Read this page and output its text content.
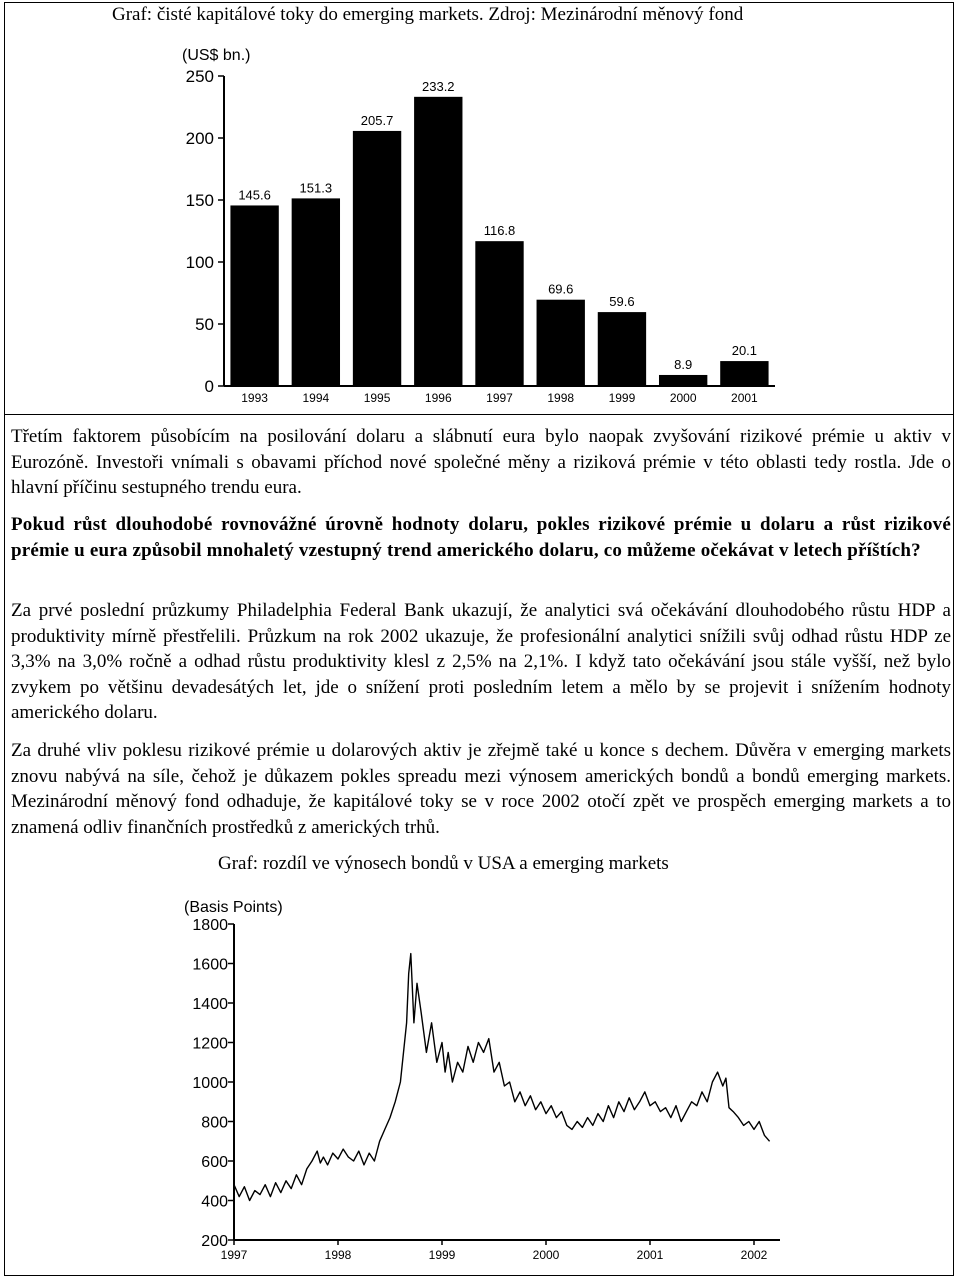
Graf: čisté kapitálové toky do emerging markets. Zdroj: Mezinárodní měnový fond
(US$ bn.)
0
50
100
150
200
250
145.6
1993
151.3
1994
205.7
1995
233.2
1996
116.8
1997
69.6
1998
59.6
1999
8.9
2000
20.1
2001

Třetím faktorem působícím na posilování dolaru a slábnutí eura bylo naopak zvyšování rizikové prémie u aktiv v Eurozóně. Investoři vnímali s obavami příchod nové společné měny a riziková prémie v této oblasti tedy rostla. Jde o hlavní příčinu sestupného trendu eura.

Pokud růst dlouhodobé rovnovážné úrovně hodnoty dolaru, pokles rizikové prémie u dolaru a růst rizikové prémie u eura způsobil mnohaletý vzestupný trend amerického dolaru, co můžeme očekávat v letech příštích?

Za prvé poslední průzkumy Philadelphia Federal Bank ukazují, že analytici svá očekávání dlouhodobého růstu HDP a produktivity mírně přestřelili. Průzkum na rok 2002 ukazuje, že profesionální analytici snížili svůj odhad růstu HDP ze 3,3% na 3,0% ročně a odhad růstu produktivity klesl z 2,5% na 2,1%. I když tato očekávání jsou stále vyšší, než bylo zvykem po většinu devadesátých let, jde o snížení proti posledním letem a mělo by se projevit i snížením hodnoty amerického dolaru.

Za druhé vliv poklesu rizikové prémie u dolarových aktiv je zřejmě také u konce s dechem. Důvěra v emerging markets znovu nabývá na síle, čehož je důkazem pokles spreadu mezi výnosem amerických bondů a bondů emerging markets. Mezinárodní měnový fond odhaduje, že kapitálové toky se v roce 2002 otočí zpět ve prospěch emerging markets a to znamená odliv finančních prostředků z amerických trhů.

Graf: rozdíl ve výnosech bondů v USA a emerging markets
(Basis Points)
200
400
600
800
1000
1200
1400
1600
1800
1997	1998	1999	2000	2001	2002
